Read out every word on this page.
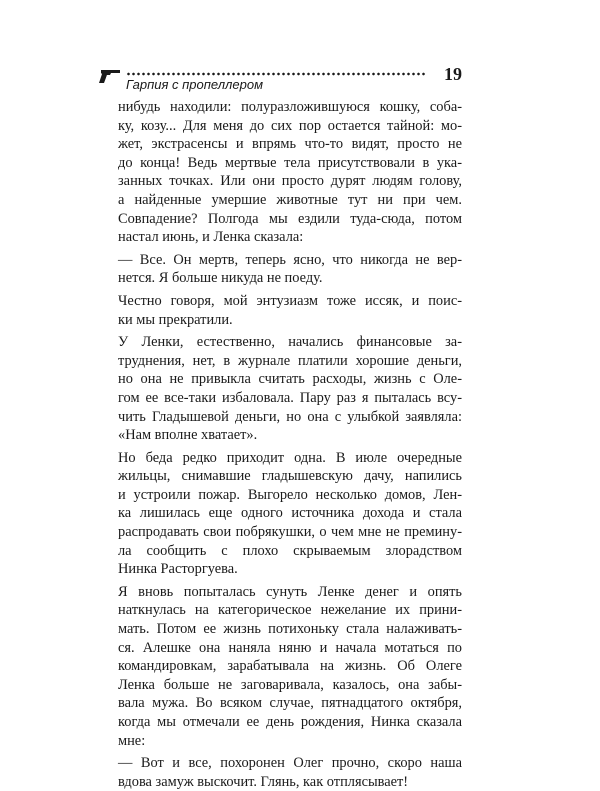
Гарпия с пропеллером
19
нибудь находили: полуразложившуюся кошку, соба-
ку, козу... Для меня до сих пор остается тайной: мо-
жет, экстрасенсы и впрямь что-то видят, просто не
до конца! Ведь мертвые тела присутствовали в ука-
занных точках. Или они просто дурят людям голову,
а найденные умершие животные тут ни при чем.
Совпадение? Полгода мы ездили туда-сюда, потом
настал июнь, и Ленка сказала:
— Все. Он мертв, теперь ясно, что никогда не вер-
нется. Я больше никуда не поеду.
Честно говоря, мой энтузиазм тоже иссяк, и поис-
ки мы прекратили.
У Ленки, естественно, начались финансовые за-
труднения, нет, в журнале платили хорошие деньги,
но она не привыкла считать расходы, жизнь с Оле-
гом ее все-таки избаловала. Пару раз я пыталась всу-
чить Гладышевой деньги, но она с улыбкой заявляла:
«Нам вполне хватает».
Но беда редко приходит одна. В июле очередные
жильцы, снимавшие гладышевскую дачу, напились
и устроили пожар. Выгорело несколько домов, Лен-
ка лишилась еще одного источника дохода и стала
распродавать свои побрякушки, о чем мне не премину-
ла сообщить с плохо скрываемым злорадством
Нинка Расторгуева.
Я вновь попыталась сунуть Ленке денег и опять
наткнулась на категорическое нежелание их прини-
мать. Потом ее жизнь потихоньку стала налаживать-
ся. Алешке она наняла няню и начала мотаться по
командировкам, зарабатывала на жизнь. Об Олеге
Ленка больше не заговаривала, казалось, она забы-
вала мужа. Во всяком случае, пятнадцатого октября,
когда мы отмечали ее день рождения, Нинка сказала
мне:
— Вот и все, похоронен Олег прочно, скоро наша
вдова замуж выскочит. Глянь, как отплясывает!
